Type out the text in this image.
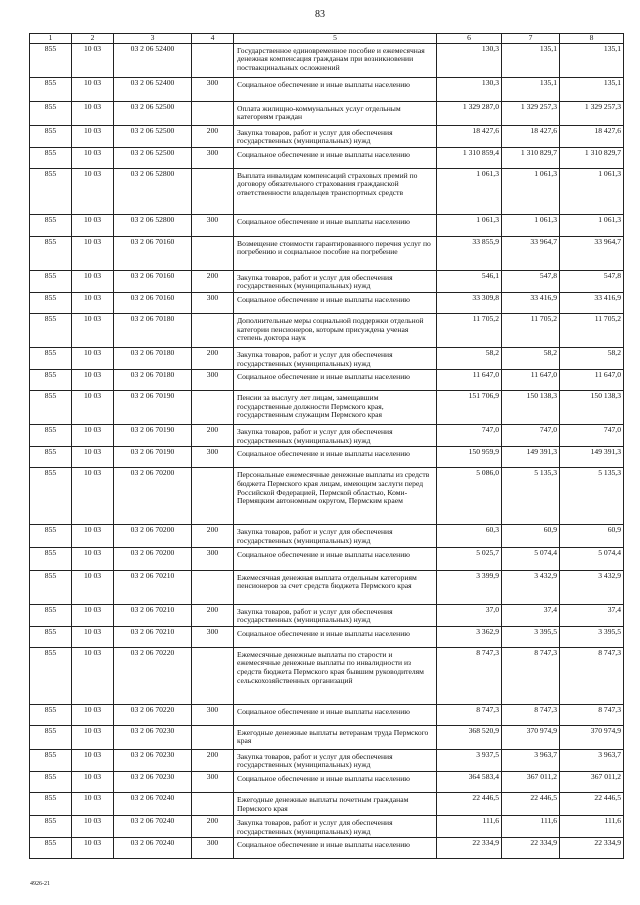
83
1	2	3	4	5	6	7	8
855	10 03	03 2 06 52400		Государственное единовременное пособие и ежемесячная денежная компенсация гражданам при возникновении поствакцинальных осложнений	130,3	135,1	135,1
855	10 03	03 2 06 52400	300	Социальное обеспечение и иные выплаты населению	130,3	135,1	135,1
855	10 03	03 2 06 52500		Оплата жилищно-коммунальных услуг отдельным категориям граждан	1 329 287,0	1 329 257,3	1 329 257,3
855	10 03	03 2 06 52500	200	Закупка товаров, работ и услуг для обеспечения государственных (муниципальных) нужд	18 427,6	18 427,6	18 427,6
855	10 03	03 2 06 52500	300	Социальное обеспечение и иные выплаты населению	1 310 859,4	1 310 829,7	1 310 829,7
855	10 03	03 2 06 52800		Выплата инвалидам компенсаций страховых премий по договору обязательного страхования гражданской ответственности владельцев транспортных средств	1 061,3	1 061,3	1 061,3
855	10 03	03 2 06 52800	300	Социальное обеспечение и иные выплаты населению	1 061,3	1 061,3	1 061,3
855	10 03	03 2 06 70160		Возмещение стоимости гарантированного перечня услуг по погребению и социальное пособие на погребение	33 855,9	33 964,7	33 964,7
855	10 03	03 2 06 70160	200	Закупка товаров, работ и услуг для обеспечения государственных (муниципальных) нужд	546,1	547,8	547,8
855	10 03	03 2 06 70160	300	Социальное обеспечение и иные выплаты населению	33 309,8	33 416,9	33 416,9
855	10 03	03 2 06 70180		Дополнительные меры социальной поддержки отдельной категории пенсионеров, которым присуждена ученая степень доктора наук	11 705,2	11 705,2	11 705,2
855	10 03	03 2 06 70180	200	Закупка товаров, работ и услуг для обеспечения государственных (муниципальных) нужд	58,2	58,2	58,2
855	10 03	03 2 06 70180	300	Социальное обеспечение и иные выплаты населению	11 647,0	11 647,0	11 647,0
855	10 03	03 2 06 70190		Пенсии за выслугу лет лицам, замещавшим государственные должности Пермского края, государственным служащим Пермского края	151 706,9	150 138,3	150 138,3
855	10 03	03 2 06 70190	200	Закупка товаров, работ и услуг для обеспечения государственных (муниципальных) нужд	747,0	747,0	747,0
855	10 03	03 2 06 70190	300	Социальное обеспечение и иные выплаты населению	150 959,9	149 391,3	149 391,3
855	10 03	03 2 06 70200		Персональные ежемесячные денежные выплаты из средств бюджета Пермского края лицам, имеющим заслуги перед Российской Федерацией, Пермской областью, Коми-Пермяцким автономным округом, Пермским краем	5 086,0	5 135,3	5 135,3
855	10 03	03 2 06 70200	200	Закупка товаров, работ и услуг для обеспечения государственных (муниципальных) нужд	60,3	60,9	60,9
855	10 03	03 2 06 70200	300	Социальное обеспечение и иные выплаты населению	5 025,7	5 074,4	5 074,4
855	10 03	03 2 06 70210		Ежемесячная денежная выплата отдельным категориям пенсионеров за счет средств бюджета Пермского края	3 399,9	3 432,9	3 432,9
855	10 03	03 2 06 70210	200	Закупка товаров, работ и услуг для обеспечения государственных (муниципальных) нужд	37,0	37,4	37,4
855	10 03	03 2 06 70210	300	Социальное обеспечение и иные выплаты населению	3 362,9	3 395,5	3 395,5
855	10 03	03 2 06 70220		Ежемесячные денежные выплаты по старости и ежемесячные денежные выплаты по инвалидности из средств бюджета Пермского края бывшим руководителям сельскохозяйственных организаций	8 747,3	8 747,3	8 747,3
855	10 03	03 2 06 70220	300	Социальное обеспечение и иные выплаты населению	8 747,3	8 747,3	8 747,3
855	10 03	03 2 06 70230		Ежегодные денежные выплаты ветеранам труда Пермского края	368 520,9	370 974,9	370 974,9
855	10 03	03 2 06 70230	200	Закупка товаров, работ и услуг для обеспечения государственных (муниципальных) нужд	3 937,5	3 963,7	3 963,7
855	10 03	03 2 06 70230	300	Социальное обеспечение и иные выплаты населению	364 583,4	367 011,2	367 011,2
855	10 03	03 2 06 70240		Ежегодные денежные выплаты почетным гражданам Пермского края	22 446,5	22 446,5	22 446,5
855	10 03	03 2 06 70240	200	Закупка товаров, работ и услуг для обеспечения государственных (муниципальных) нужд	111,6	111,6	111,6
855	10 03	03 2 06 70240	300	Социальное обеспечение и иные выплаты населению	22 334,9	22 334,9	22 334,9
4926-21
